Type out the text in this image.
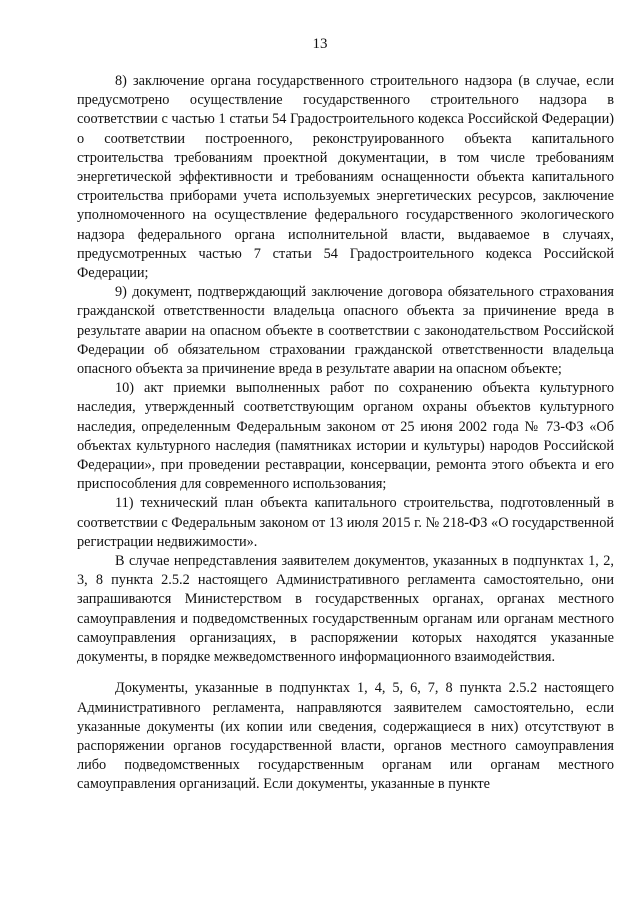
13

8) заключение органа государственного строительного надзора (в случае, если предусмотрено осуществление государственного строительного надзора в соответствии с частью 1 статьи 54 Градостроительного кодекса Российской Федерации) о соответствии построенного, реконструированного объекта капитального строительства требованиям проектной документации, в том числе требованиям энергетической эффективности и требованиям оснащенности объекта капитального строительства приборами учета используемых энергетических ресурсов, заключение уполномоченного на осуществление федерального государственного экологического надзора федерального органа исполнительной власти, выдаваемое в случаях, предусмотренных частью 7 статьи 54 Градостроительного кодекса Российской Федерации;

9) документ, подтверждающий заключение договора обязательного страхования гражданской ответственности владельца опасного объекта за причинение вреда в результате аварии на опасном объекте в соответствии с законодательством Российской Федерации об обязательном страховании гражданской ответственности владельца опасного объекта за причинение вреда в результате аварии на опасном объекте;

10) акт приемки выполненных работ по сохранению объекта культурного наследия, утвержденный соответствующим органом охраны объектов культурного наследия, определенным Федеральным законом от 25 июня 2002 года № 73-ФЗ «Об объектах культурного наследия (памятниках истории и культуры) народов Российской Федерации», при проведении реставрации, консервации, ремонта этого объекта и его приспособления для современного использования;

11) технический план объекта капитального строительства, подготовленный в соответствии с Федеральным законом от 13 июля 2015 г. № 218-ФЗ «О государственной регистрации недвижимости».

В случае непредставления заявителем документов, указанных в подпунктах 1, 2, 3, 8 пункта 2.5.2 настоящего Административного регламента самостоятельно, они запрашиваются Министерством в государственных органах, органах местного самоуправления и подведомственных государственным органам или органам местного самоуправления организациях, в распоряжении которых находятся указанные документы, в порядке межведомственного информационного взаимодействия.

Документы, указанные в подпунктах 1, 4, 5, 6, 7, 8 пункта 2.5.2 настоящего Административного регламента, направляются заявителем самостоятельно, если указанные документы (их копии или сведения, содержащиеся в них) отсутствуют в распоряжении органов государственной власти, органов местного самоуправления либо подведомственных государственным органам или органам местного самоуправления организаций. Если документы, указанные в пункте
